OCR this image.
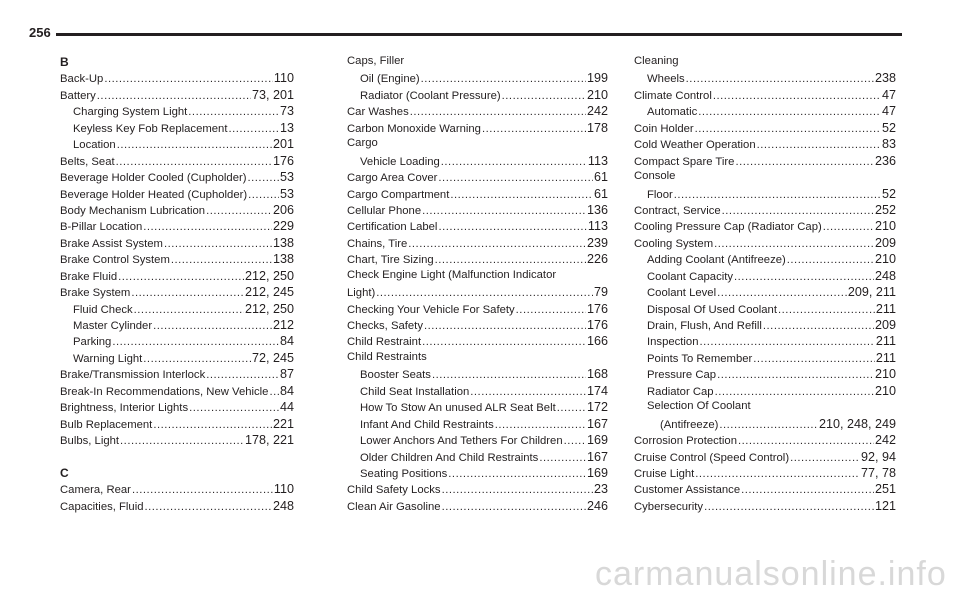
256
B
Back-Up .....	110
Battery .....	73, 201
Charging System Light .....	73
Keyless Key Fob Replacement .....	13
Location .....	201
Belts, Seat .....	176
Beverage Holder Cooled (Cupholder) .....	53
Beverage Holder Heated (Cupholder) .....	53
Body Mechanism Lubrication .....	206
B-Pillar Location .....	229
Brake Assist System .....	138
Brake Control System .....	138
Brake Fluid .....	212, 250
Brake System .....	212, 245
Fluid Check .....	212, 250
Master Cylinder .....	212
Parking .....	84
Warning Light .....	72, 245
Brake/Transmission Interlock .....	87
Break-In Recommendations, New Vehicle ..... 84
Brightness, Interior Lights .....	44
Bulb Replacement .....	221
Bulbs, Light .....	178, 221
C
Camera, Rear .....	110
Capacities, Fluid .....	248
Caps, Filler
Oil (Engine) .....	199
Radiator (Coolant Pressure) .....	210
Car Washes .....	242
Carbon Monoxide Warning .....	178
Cargo
Vehicle Loading .....	113
Cargo Area Cover .....	61
Cargo Compartment .....	61
Cellular Phone .....	136
Certification Label .....	113
Chains, Tire .....	239
Chart, Tire Sizing .....	226
Check Engine Light (Malfunction Indicator
Light) .....	79
Checking Your Vehicle For Safety .....	176
Checks, Safety .....	176
Child Restraint .....	166
Child Restraints
Booster Seats .....	168
Child Seat Installation .....	174
How To Stow An unused ALR Seat Belt ..... 172
Infant And Child Restraints .....	167
Lower Anchors And Tethers For Children ..... 169
Older Children And Child Restraints .....	167
Seating Positions .....	169
Child Safety Locks .....	23
Clean Air Gasoline .....	246
Cleaning
Wheels .....	238
Climate Control .....	47
Automatic .....	47
Coin Holder .....	52
Cold Weather Operation .....	83
Compact Spare Tire .....	236
Console
Floor .....	52
Contract, Service .....	252
Cooling Pressure Cap (Radiator Cap) .....	210
Cooling System .....	209
Adding Coolant (Antifreeze) .....	210
Coolant Capacity .....	248
Coolant Level .....	209, 211
Disposal Of Used Coolant .....	211
Drain, Flush, And Refill .....	209
Inspection .....	211
Points To Remember .....	211
Pressure Cap .....	210
Radiator Cap .....	210
Selection Of Coolant
(Antifreeze) .....	210, 248, 249
Corrosion Protection .....	242
Cruise Control (Speed Control) .....	92, 94
Cruise Light .....	77, 78
Customer Assistance .....	251
Cybersecurity .....	121
carmanualsonline.info
